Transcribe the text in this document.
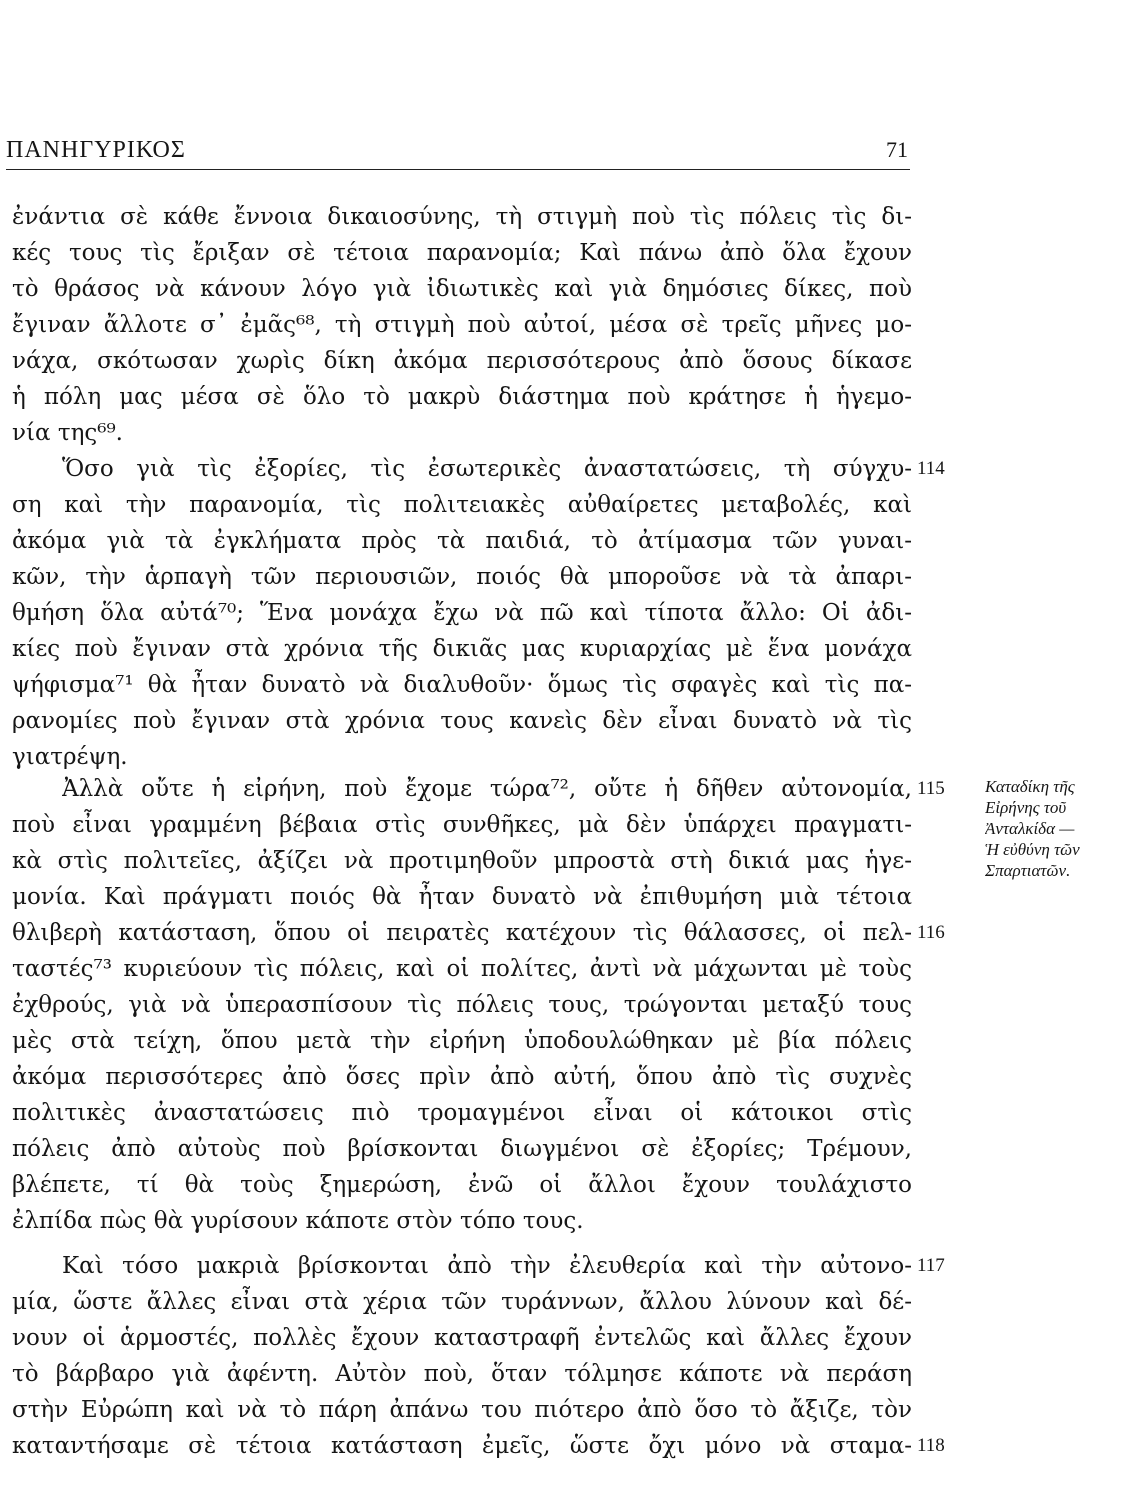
ΠΑΝΗΓΥΡΙΚΟΣ	71
ἐνάντια σὲ κάθε ἔννοια δικαιοσύνης, τὴ στιγμὴ ποὺ τὶς πόλεις τὶς δι-
κές τους τὶς ἔριξαν σὲ τέτοια παρανομία; Καὶ πάνω ἀπὸ ὅλα ἔχουν
τὸ θράσος νὰ κάνουν λόγο γιὰ ἰδιωτικὲς καὶ γιὰ δημόσιες δίκες, ποὺ
ἔγιναν ἄλλοτε σ᾽ ἐμᾶς⁶⁸, τὴ στιγμὴ ποὺ αὐτοί, μέσα σὲ τρεῖς μῆνες μο-
νάχα, σκότωσαν χωρὶς δίκη ἀκόμα περισσότερους ἀπὸ ὅσους δίκασε
ἡ πόλη μας μέσα σὲ ὅλο τὸ μακρὺ διάστημα ποὺ κράτησε ἡ ἡγεμο-
νία της⁶⁹.
Ὅσο γιὰ τὶς ἐξορίες, τὶς ἐσωτερικὲς ἀναστατώσεις, τὴ σύγχυ-
ση καὶ τὴν παρανομία, τὶς πολιτειακὲς αὐθαίρετες μεταβολές, καὶ
ἀκόμα γιὰ τὰ ἐγκλήματα πρὸς τὰ παιδιά, τὸ ἀτίμασμα τῶν γυναι-
κῶν, τὴν ἁρπαγὴ τῶν περιουσιῶν, ποιός θὰ μποροῦσε νὰ τὰ ἀπαρι-
θμήση ὅλα αὐτά⁷⁰; Ἕνα μονάχα ἔχω νὰ πῶ καὶ τίποτα ἄλλο: Οἱ ἀδι-
κίες ποὺ ἔγιναν στὰ χρόνια τῆς δικιᾶς μας κυριαρχίας μὲ ἕνα μονάχα
ψήφισμα⁷¹ θὰ ἦταν δυνατὸ νὰ διαλυθοῦν· ὅμως τὶς σφαγὲς καὶ τὶς πα-
ρανομίες ποὺ ἔγιναν στὰ χρόνια τους κανεὶς δὲν εἶναι δυνατὸ νὰ τὶς
γιατρέψη.
Ἀλλὰ οὔτε ἡ εἰρήνη, ποὺ ἔχομε τώρα⁷², οὔτε ἡ δῆθεν αὐτονομία,
ποὺ εἶναι γραμμένη βέβαια στὶς συνθῆκες, μὰ δὲν ὑπάρχει πραγματι-
κὰ στὶς πολιτεῖες, ἀξίζει νὰ προτιμηθοῦν μπροστὰ στὴ δικιά μας ἡγε-
μονία. Καὶ πράγματι ποιός θὰ ἦταν δυνατὸ νὰ ἐπιθυμήση μιὰ τέτοια
θλιβερὴ κατάσταση, ὅπου οἱ πειρατὲς κατέχουν τὶς θάλασσες, οἱ πελ-
ταστές⁷³ κυριεύουν τὶς πόλεις, καὶ οἱ πολίτες, ἀντὶ νὰ μάχωνται μὲ τοὺς
ἐχθρούς, γιὰ νὰ ὑπερασπίσουν τὶς πόλεις τους, τρώγονται μεταξύ τους
μὲς στὰ τείχη, ὅπου μετὰ τὴν εἰρήνη ὑποδουλώθηκαν μὲ βία πόλεις
ἀκόμα περισσότερες ἀπὸ ὅσες πρὶν ἀπὸ αὐτή, ὅπου ἀπὸ τὶς συχνὲς
πολιτικὲς ἀναστατώσεις πιὸ τρομαγμένοι εἶναι οἱ κάτοικοι στὶς
πόλεις ἀπὸ αὐτοὺς ποὺ βρίσκονται διωγμένοι σὲ ἐξορίες; Τρέμουν,
βλέπετε, τί θὰ τοὺς ξημερώση, ἐνῶ οἱ ἄλλοι ἔχουν τουλάχιστο
ἐλπίδα πὼς θὰ γυρίσουν κάποτε στὸν τόπο τους.
Καὶ τόσο μακριὰ βρίσκονται ἀπὸ τὴν ἐλευθερία καὶ τὴν αὐτονο-
μία, ὥστε ἄλλες εἶναι στὰ χέρια τῶν τυράννων, ἄλλου λύνουν καὶ δέ-
νουν οἱ ἁρμοστές, πολλὲς ἔχουν καταστραφῆ ἐντελῶς καὶ ἄλλες ἔχουν
τὸ βάρβαρο γιὰ ἀφέντη. Αὐτὸν ποὺ, ὅταν τόλμησε κάποτε νὰ περάση
στὴν Εὐρώπη καὶ νὰ τὸ πάρη ἀπάνω του πιότερο ἀπὸ ὅσο τὸ ἄξιζε, τὸν
καταντήσαμε σὲ τέτοια κατάσταση ἐμεῖς, ὥστε ὄχι μόνο νὰ σταμα-
114
115
116
117
118
Καταδίκη τῆς
Εἰρήνης τοῦ
Ἀνταλκίδα —
Ἡ εὐθύνη τῶν
Σπαρτιατῶν.
